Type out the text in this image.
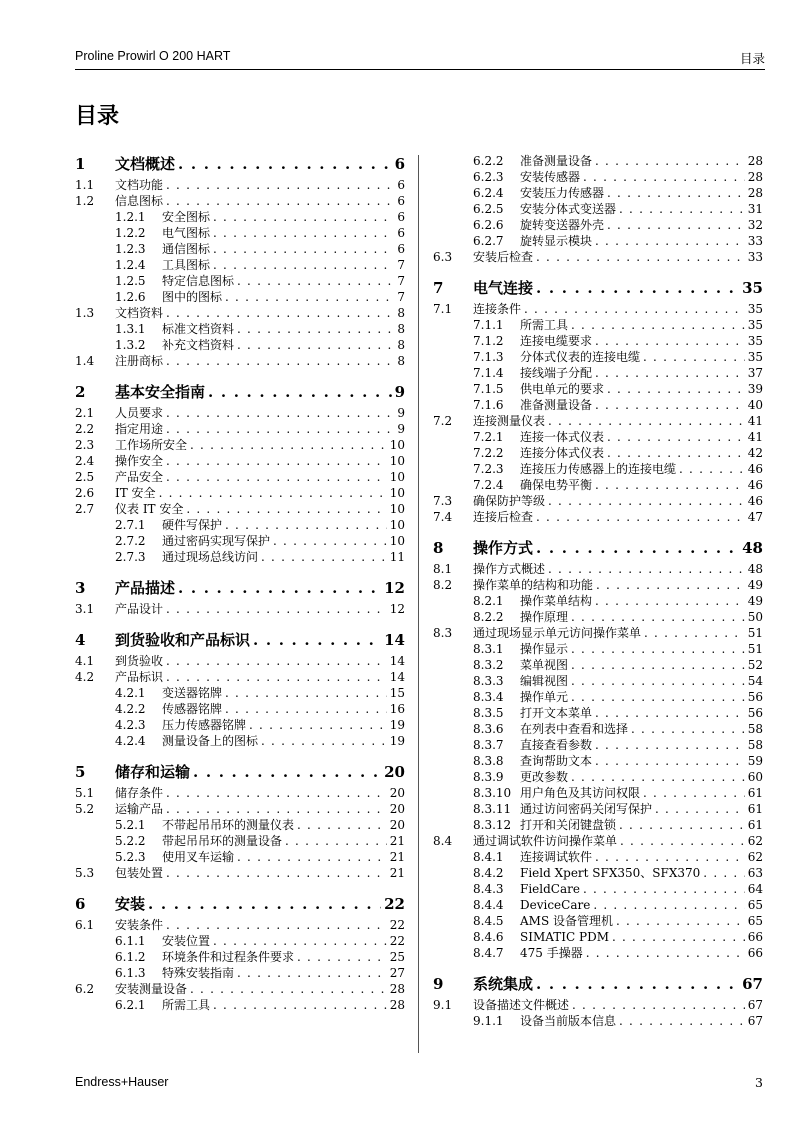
Proline Prowirl O 200 HART	目录
目录
1	文档概述 . . .	6
1.1	文档功能 . . .	6
1.2	信息图标 . . .	6
1.2.1	安全图标 . . .	6
1.2.2	电气图标 . . .	6
1.2.3	通信图标 . . .	6
1.2.4	工具图标 . . .	7
1.2.5	特定信息图标 . . .	7
1.2.6	图中的图标 . . .	7
1.3	文档资料 . . .	8
1.3.1	标准文档资料 . . .	8
1.3.2	补充文档资料 . . .	8
1.4	注册商标 . . .	8
2	基本安全指南 . . .	9
2.1	人员要求 . . .	9
2.2	指定用途 . . .	9
2.3	工作场所安全 . . .	10
2.4	操作安全 . . .	10
2.5	产品安全 . . .	10
2.6	IT 安全 . . .	10
2.7	仪表 IT 安全 . . .	10
2.7.1	硬件写保护 . . .	10
2.7.2	通过密码实现写保护 . . .	10
2.7.3	通过现场总线访问 . . .	11
3	产品描述 . . .	12
3.1	产品设计 . . .	12
4	到货验收和产品标识 . . .	14
4.1	到货验收 . . .	14
4.2	产品标识 . . .	14
4.2.1	变送器铭牌 . . .	15
4.2.2	传感器铭牌 . . .	16
4.2.3	压力传感器铭牌 . . .	19
4.2.4	测量设备上的图标 . . .	19
5	储存和运输 . . .	20
5.1	储存条件 . . .	20
5.2	运输产品 . . .	20
5.2.1	不带起吊吊环的测量仪表 . . .	20
5.2.2	带起吊吊环的测量设备 . . .	21
5.2.3	使用叉车运输 . . .	21
5.3	包装处置 . . .	21
6	安装 . . .	22
6.1	安装条件 . . .	22
6.1.1	安装位置 . . .	22
6.1.2	环境条件和过程条件要求 . . .	25
6.1.3	特殊安装指南 . . .	27
6.2	安装测量设备 . . .	28
6.2.1	所需工具 . . .	28
6.2.2	准备测量设备 . . .	28
6.2.3	安装传感器 . . .	28
6.2.4	安装压力传感器 . . .	28
6.2.5	安装分体式变送器 . . .	31
6.2.6	旋转变送器外壳 . . .	32
6.2.7	旋转显示模块 . . .	33
6.3	安装后检查 . . .	33
7	电气连接 . . .	35
7.1	连接条件 . . .	35
7.1.1	所需工具 . . .	35
7.1.2	连接电缆要求 . . .	35
7.1.3	分体式仪表的连接电缆 . . .	35
7.1.4	接线端子分配 . . .	37
7.1.5	供电单元的要求 . . .	39
7.1.6	准备测量设备 . . .	40
7.2	连接测量仪表 . . .	41
7.2.1	连接一体式仪表 . . .	41
7.2.2	连接分体式仪表 . . .	42
7.2.3	连接压力传感器上的连接电缆 . . .	46
7.2.4	确保电势平衡 . . .	46
7.3	确保防护等级 . . .	46
7.4	连接后检查 . . .	47
8	操作方式 . . .	48
8.1	操作方式概述 . . .	48
8.2	操作菜单的结构和功能 . . .	49
8.2.1	操作菜单结构 . . .	49
8.2.2	操作原理 . . .	50
8.3	通过现场显示单元访问操作菜单 . . .	51
8.3.1	操作显示 . . .	51
8.3.2	菜单视图 . . .	52
8.3.3	编辑视图 . . .	54
8.3.4	操作单元 . . .	56
8.3.5	打开文本菜单 . . .	56
8.3.6	在列表中查看和选择 . . .	58
8.3.7	直接查看参数 . . .	58
8.3.8	查询帮助文本 . . .	59
8.3.9	更改参数 . . .	60
8.3.10 用户角色及其访问权限 . . .	61
8.3.11 通过访问密码关闭写保护 . . .	61
8.3.12 打开和关闭键盘锁 . . .	61
8.4	通过调试软件访问操作菜单 . . .	62
8.4.1	连接调试软件 . . .	62
8.4.2	Field Xpert SFX350、SFX370 . . .	63
8.4.3	FieldCare . . .	64
8.4.4	DeviceCare . . .	65
8.4.5	AMS 设备管理机 . . .	65
8.4.6	SIMATIC PDM . . .	66
8.4.7	475 手操器 . . .	66
9	系统集成 . . .	67
9.1	设备描述文件概述 . . .	67
9.1.1	设备当前版本信息 . . .	67
Endress+Hauser	3
